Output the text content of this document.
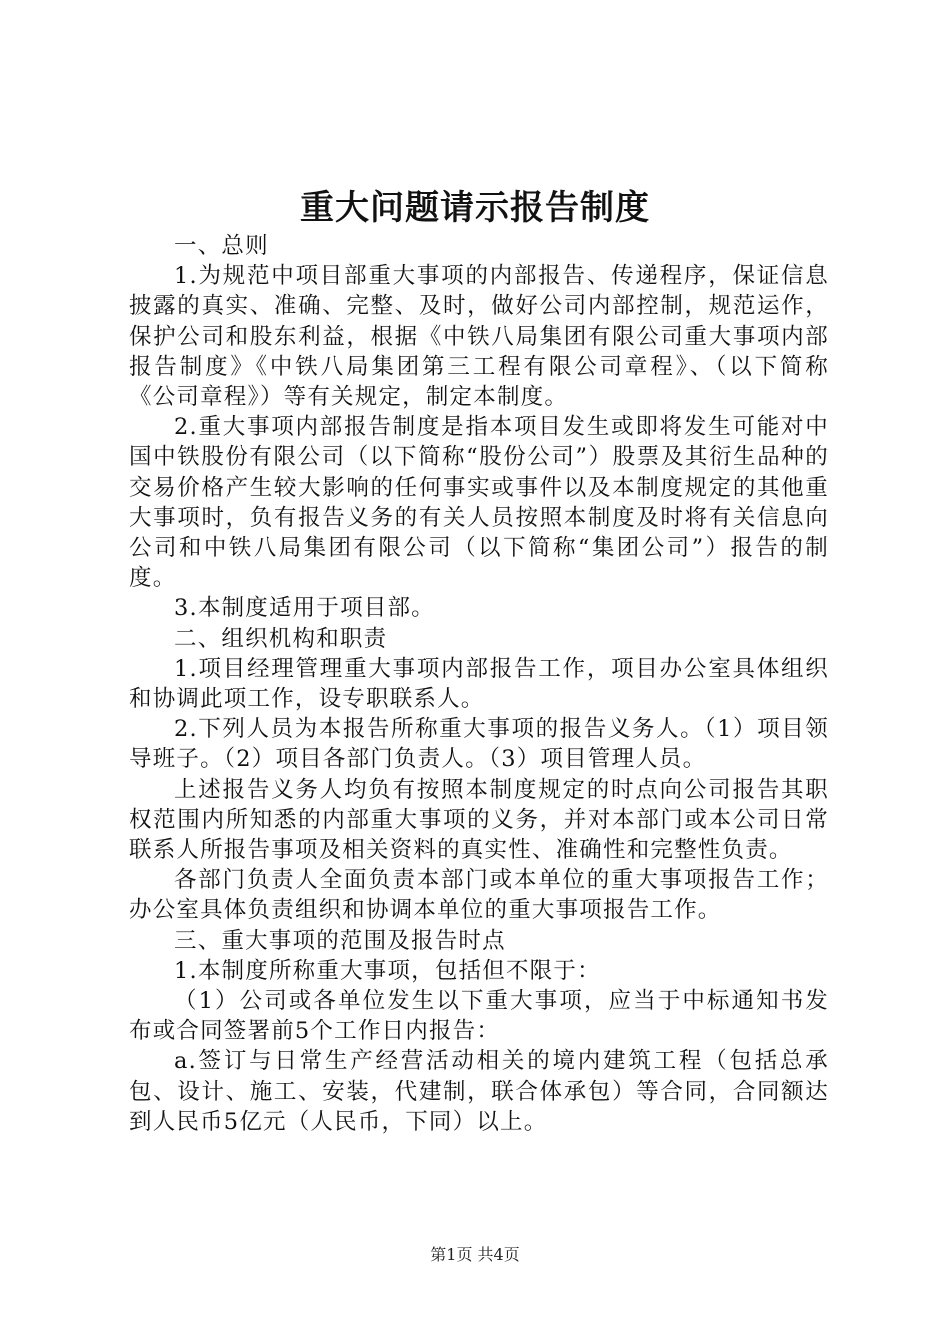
重大问题请示报告制度

一、总则

1.为规范中项目部重大事项的内部报告、传递程序，保证信息披露的真实、准确、完整、及时，做好公司内部控制，规范运作，保护公司和股东利益，根据《中铁八局集团有限公司重大事项内部报告制度》《中铁八局集团第三工程有限公司章程》、（以下简称《公司章程》）等有关规定，制定本制度。

2.重大事项内部报告制度是指本项目发生或即将发生可能对中国中铁股份有限公司（以下简称“股份公司”）股票及其衍生品种的交易价格产生较大影响的任何事实或事件以及本制度规定的其他重大事项时，负有报告义务的有关人员按照本制度及时将有关信息向公司和中铁八局集团有限公司（以下简称“集团公司”）报告的制度。

3.本制度适用于项目部。

二、组织机构和职责

1.项目经理管理重大事项内部报告工作，项目办公室具体组织和协调此项工作，设专职联系人。

2.下列人员为本报告所称重大事项的报告义务人。（1）项目领导班子。（2）项目各部门负责人。（3）项目管理人员。

上述报告义务人均负有按照本制度规定的时点向公司报告其职权范围内所知悉的内部重大事项的义务，并对本部门或本公司日常联系人所报告事项及相关资料的真实性、准确性和完整性负责。

各部门负责人全面负责本部门或本单位的重大事项报告工作；办公室具体负责组织和协调本单位的重大事项报告工作。

三、重大事项的范围及报告时点

1.本制度所称重大事项，包括但不限于：

（1）公司或各单位发生以下重大事项，应当于中标通知书发布或合同签署前5个工作日内报告：

a.签订与日常生产经营活动相关的境内建筑工程（包括总承包、设计、施工、安装，代建制，联合体承包）等合同，合同额达到人民币5亿元（人民币，下同）以上。

第1页 共4页
